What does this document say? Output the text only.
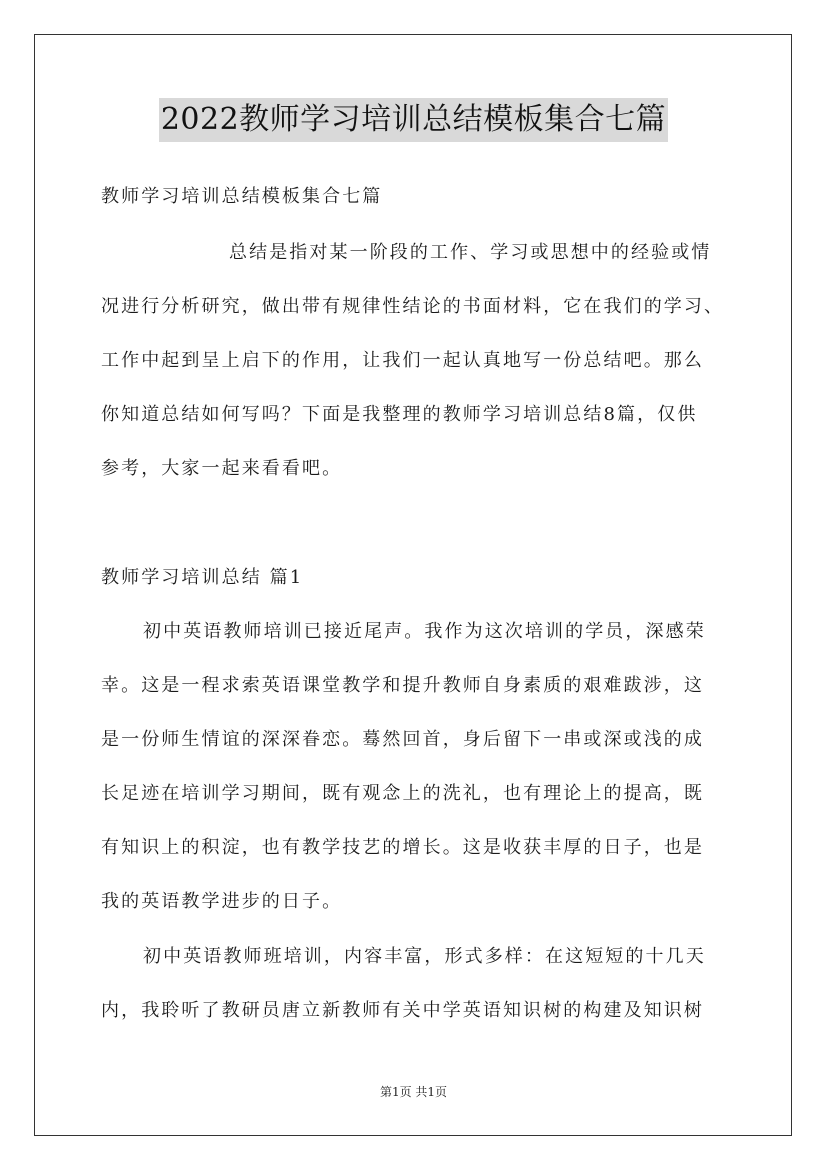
2022教师学习培训总结模板集合七篇
教师学习培训总结模板集合七篇
总结是指对某一阶段的工作、学习或思想中的经验或情
况进行分析研究，做出带有规律性结论的书面材料，它在我们的学习、
工作中起到呈上启下的作用，让我们一起认真地写一份总结吧。那么
你知道总结如何写吗？下面是我整理的教师学习培训总结8篇，仅供
参考，大家一起来看看吧。
教师学习培训总结 篇1
初中英语教师培训已接近尾声。我作为这次培训的学员，深感荣
幸。这是一程求索英语课堂教学和提升教师自身素质的艰难跋涉，这
是一份师生情谊的深深眷恋。蓦然回首，身后留下一串或深或浅的成
长足迹在培训学习期间，既有观念上的洗礼，也有理论上的提高，既
有知识上的积淀，也有教学技艺的增长。这是收获丰厚的日子，也是
我的英语教学进步的日子。
初中英语教师班培训，内容丰富，形式多样：在这短短的十几天
内，我聆听了教研员唐立新教师有关中学英语知识树的构建及知识树
第1页 共1页
